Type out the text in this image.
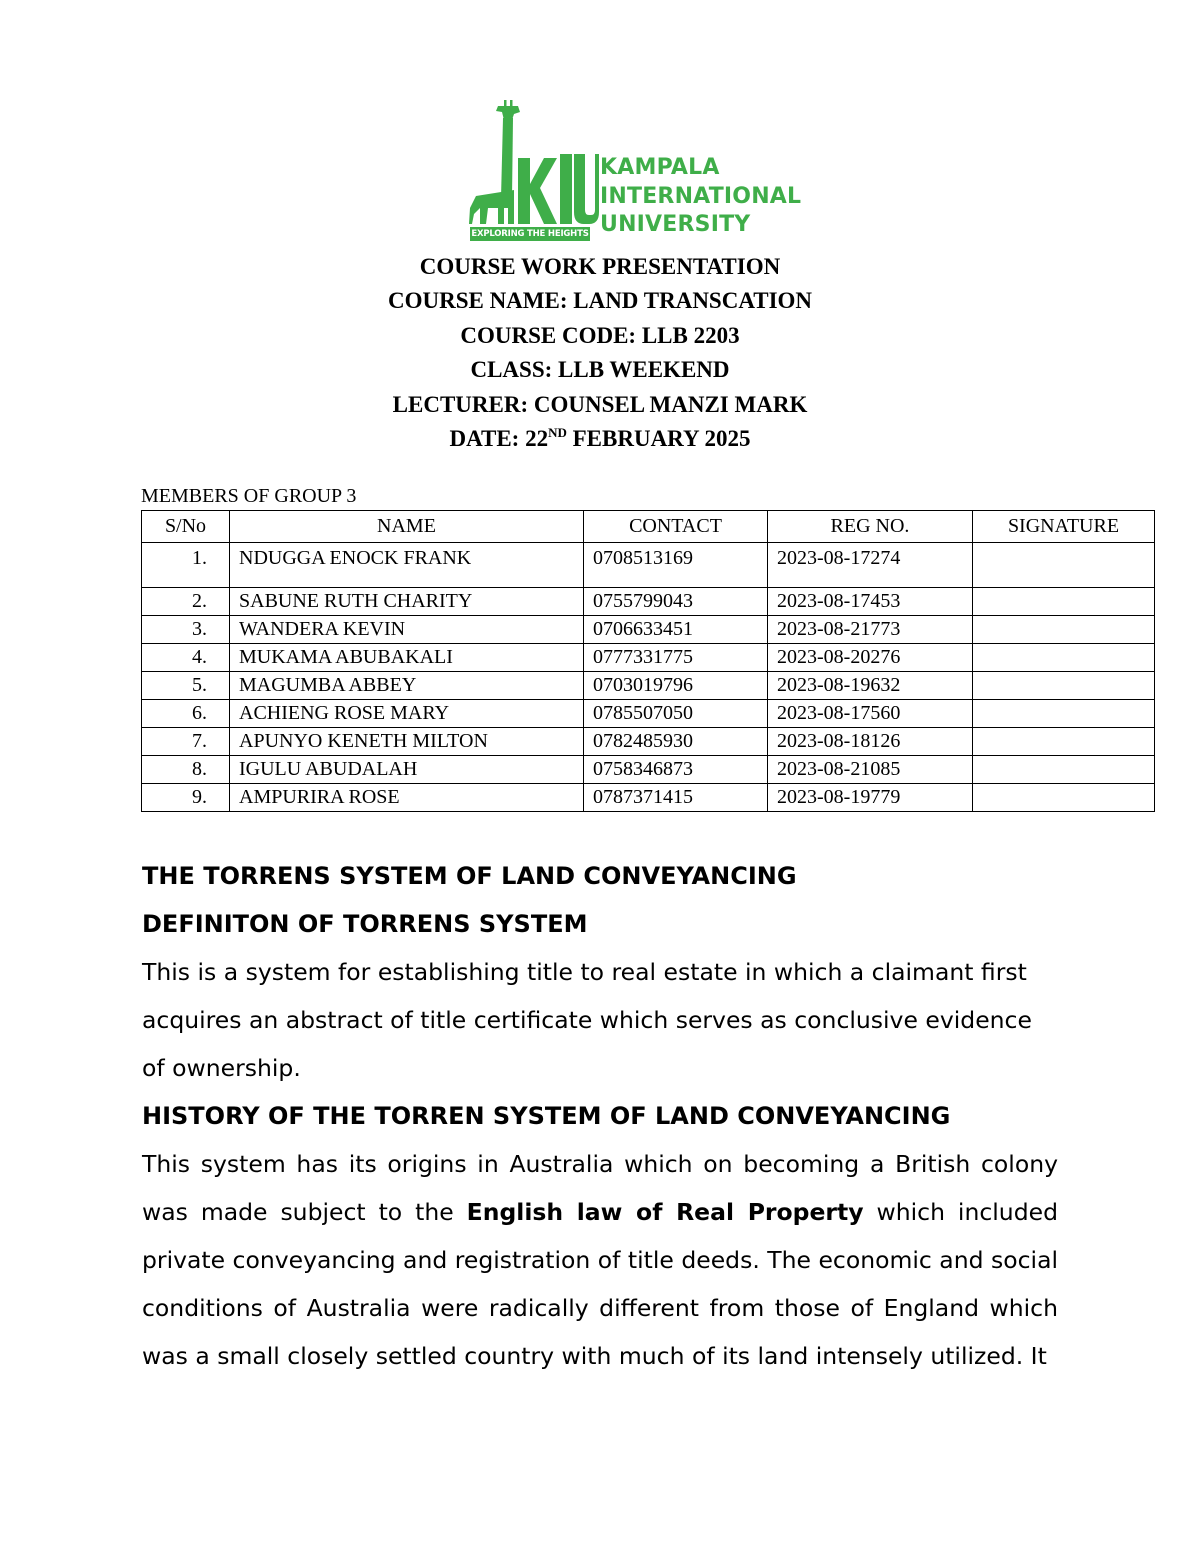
EXPLORING THE HEIGHTS
KAMPALA
INTERNATIONAL
UNIVERSITY
COURSE WORK PRESENTATION
COURSE NAME: LAND TRANSCATION
COURSE CODE: LLB 2203
CLASS: LLB WEEKEND
LECTURER: COUNSEL MANZI MARK
DATE: 22ND FEBRUARY 2025
MEMBERS OF GROUP 3
S/No	NAME	CONTACT	REG NO.	SIGNATURE
1.	NDUGGA ENOCK FRANK	0708513169	2023-08-17274	
2.	SABUNE RUTH CHARITY	0755799043	2023-08-17453	
3.	WANDERA KEVIN	0706633451	2023-08-21773	
4.	MUKAMA ABUBAKALI	0777331775	2023-08-20276	
5.	MAGUMBA ABBEY	0703019796	2023-08-19632	
6.	ACHIENG ROSE MARY	0785507050	2023-08-17560	
7.	APUNYO KENETH MILTON	0782485930	2023-08-18126	
8.	IGULU ABUDALAH	0758346873	2023-08-21085	
9.	AMPURIRA ROSE	0787371415	2023-08-19779	
THE TORRENS SYSTEM OF LAND CONVEYANCING
DEFINITON OF TORRENS SYSTEM

This is a system for establishing title to real estate in which a claimant first acquires an abstract of title certificate which serves as conclusive evidence of ownership.

HISTORY OF THE TORREN SYSTEM OF LAND CONVEYANCING

This system has its origins in Australia which on becoming a British colony was made subject to the English law of Real Property which included private conveyancing and registration of title deeds. The economic and social conditions of Australia were radically different from those of England which was a small closely settled country with much of its land intensely utilized. It
